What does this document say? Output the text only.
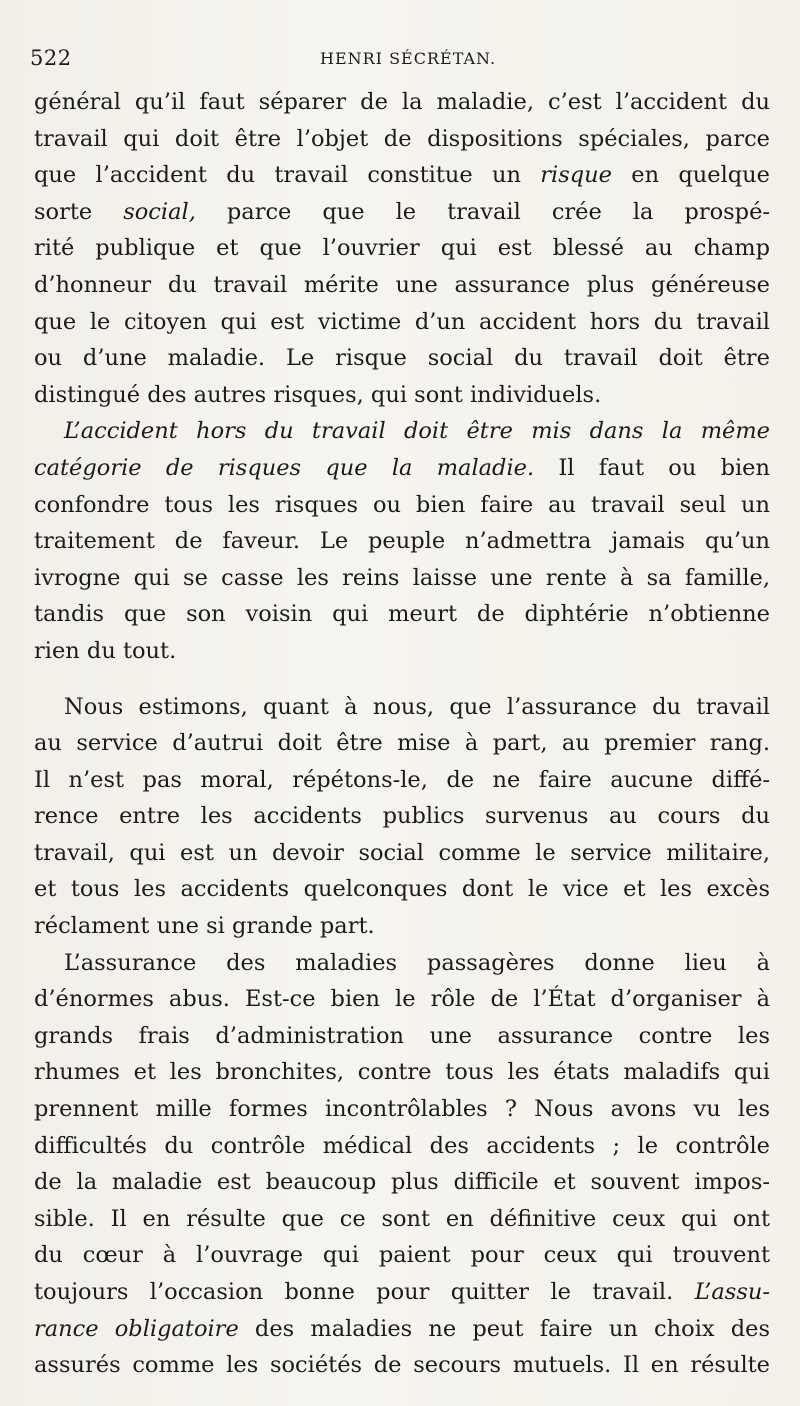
522	HENRI SÉCRÉTAN.
général qu’il faut séparer de la maladie, c’est l’accident du
travail qui doit être l’objet de dispositions spéciales, parce
que l’accident du travail constitue un risque en quelque
sorte social, parce que le travail crée la prospé-
rité publique et que l’ouvrier qui est blessé au champ
d’honneur du travail mérite une assurance plus généreuse
que le citoyen qui est victime d’un accident hors du travail
ou d’une maladie. Le risque social du travail doit être
distingué des autres risques, qui sont individuels.
L’accident hors du travail doit être mis dans la même
catégorie de risques que la maladie. Il faut ou bien
confondre tous les risques ou bien faire au travail seul un
traitement de faveur. Le peuple n’admettra jamais qu’un
ivrogne qui se casse les reins laisse une rente à sa famille,
tandis que son voisin qui meurt de diphtérie n’obtienne
rien du tout.
Nous estimons, quant à nous, que l’assurance du travail
au service d’autrui doit être mise à part, au premier rang.
Il n’est pas moral, répétons-le, de ne faire aucune diffé-
rence entre les accidents publics survenus au cours du
travail, qui est un devoir social comme le service militaire,
et tous les accidents quelconques dont le vice et les excès
réclament une si grande part.
L’assurance des maladies passagères donne lieu à
d’énormes abus. Est-ce bien le rôle de l’État d’organiser à
grands frais d’administration une assurance contre les
rhumes et les bronchites, contre tous les états maladifs qui
prennent mille formes incontrôlables ? Nous avons vu les
difficultés du contrôle médical des accidents ; le contrôle
de la maladie est beaucoup plus difficile et souvent impos-
sible. Il en résulte que ce sont en définitive ceux qui ont
du cœur à l’ouvrage qui paient pour ceux qui trouvent
toujours l’occasion bonne pour quitter le travail. L’assu-
rance obligatoire des maladies ne peut faire un choix des
assurés comme les sociétés de secours mutuels. Il en résulte
